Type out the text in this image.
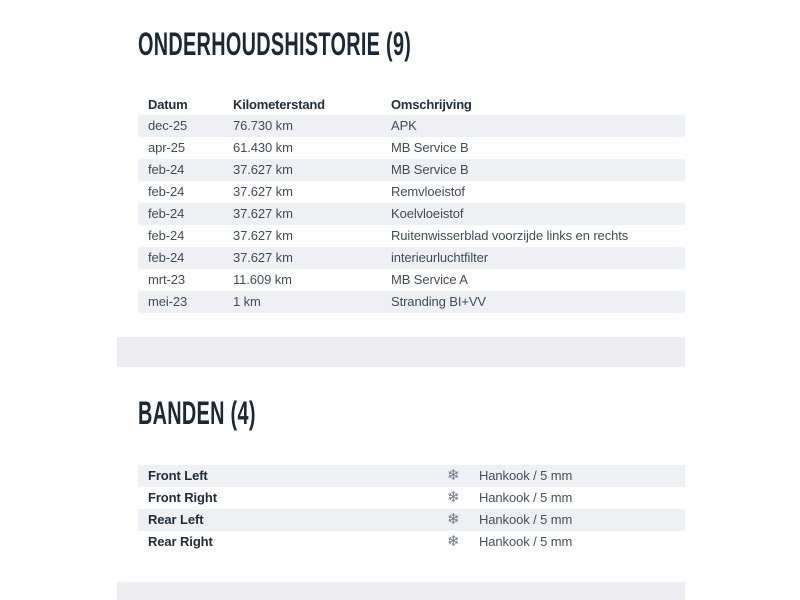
ONDERHOUDSHISTORIE (9)
Datum	Kilometerstand	Omschrijving
dec-25	76.730 km	APK
apr-25	61.430 km	MB Service B
feb-24	37.627 km	MB Service B
feb-24	37.627 km	Remvloeistof
feb-24	37.627 km	Koelvloeistof
feb-24	37.627 km	Ruitenwisserblad voorzijde links en rechts
feb-24	37.627 km	interieurluchtfilter
mrt-23	11.609 km	MB Service A
mei-23	1 km	Stranding BI+VV
BANDEN (4)
Front Left	❄	Hankook / 5 mm
Front Right	❄	Hankook / 5 mm
Rear Left	❄	Hankook / 5 mm
Rear Right	❄	Hankook / 5 mm
